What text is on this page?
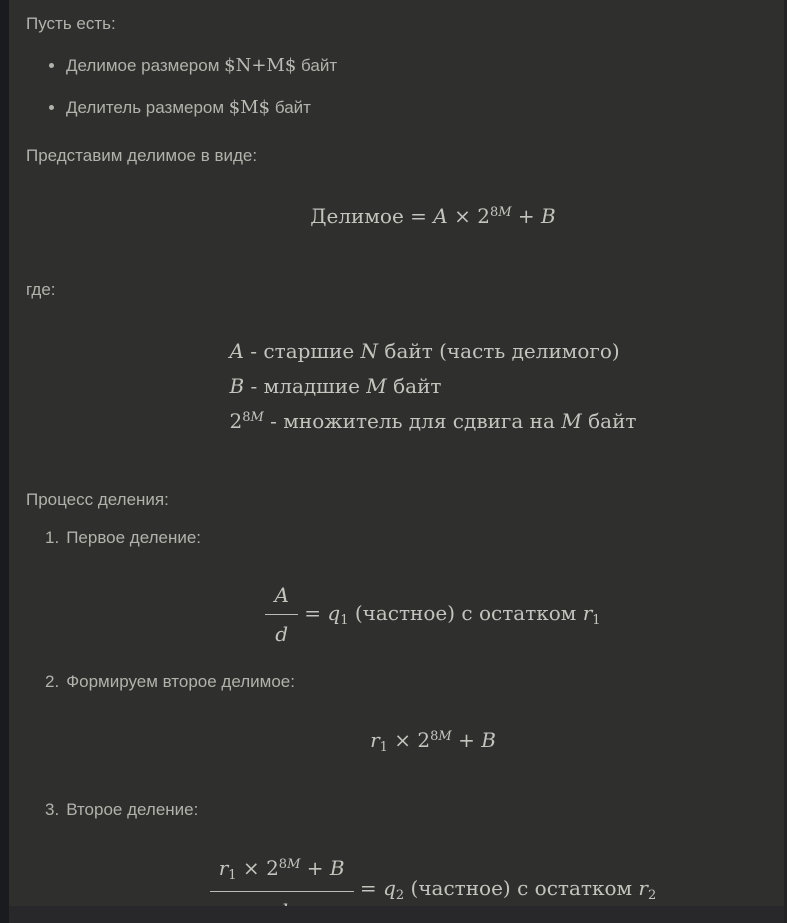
Пусть есть:

Делимое размером $N+M$ байт
Делитель размером $M$ байт

Представим делимое в виде:

Делимое = $A \times 2^{8M} + B$

где:

A - старшие N байт (часть делимого)
B - младшие M байт
$2^{8M}$ - множитель для сдвига на M байт

Процесс деления:

1. Первое деление:
$\frac{A}{d} = q_1$ (частное) с остатком $r_1$
2. Формируем второе делимое:
$r_1 \times 2^{8M} + B$
3. Второе деление:
$r_1 \times 2^{8M} + B$
= $q_2$ (частное) с остатком $r_2$
